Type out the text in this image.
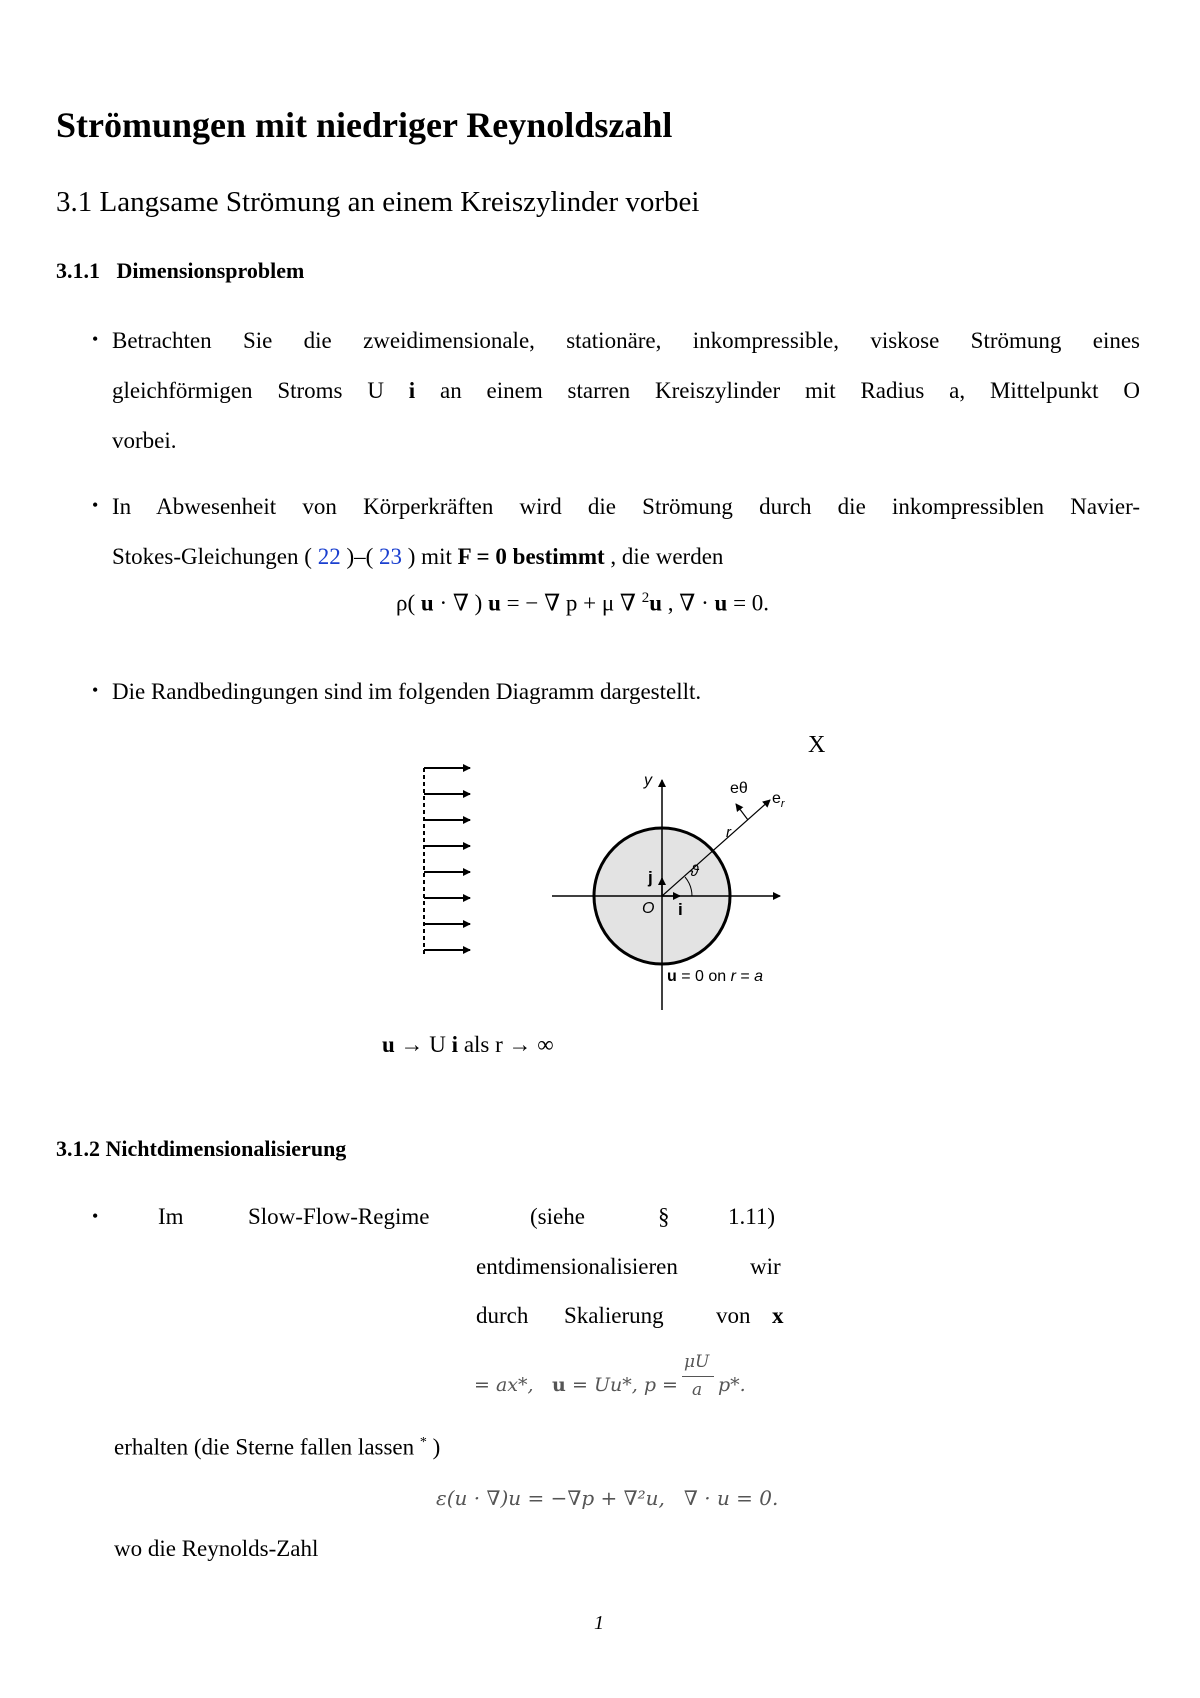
Strömungen mit niedriger Reynoldszahl
3.1 Langsame Strömung an einem Kreiszylinder vorbei
3.1.1   Dimensionsproblem
• Betrachten Sie die zweidimensionale, stationäre, inkompressible, viskose Strömung eines
gleichförmigen Stroms U i an einem starren Kreiszylinder mit Radius a, Mittelpunkt O
vorbei.
• In Abwesenheit von Körperkräften wird die Strömung durch die inkompressiblen Navier-
Stokes-Gleichungen ( 22 )–( 23 ) mit F = 0 bestimmt , die werden
ρ( u · ∇ ) u = − ∇ p + μ ∇ $^2$u , ∇ · u = 0.
• Die Randbedingungen sind im folgenden Diagramm dargestellt.
X
y	eθ
$e_r$
r
ϑ
j
i
O
u = 0 on r = a
u → U i als r → ∞
3.1.2 Nichtdimensionalisierung
•	Im	Slow-Flow-Regime	(siehe	§	1.11)
entdimensionalisieren	wir
durch Skalierung von x

= ax*,

u

= Uu*, p =

μU

a

p*.

erhalten (die Sterne fallen lassen * )
ε(u · ∇)u = −∇p + ∇²u,   ∇ · u = 0.
wo die Reynolds-Zahl
1
